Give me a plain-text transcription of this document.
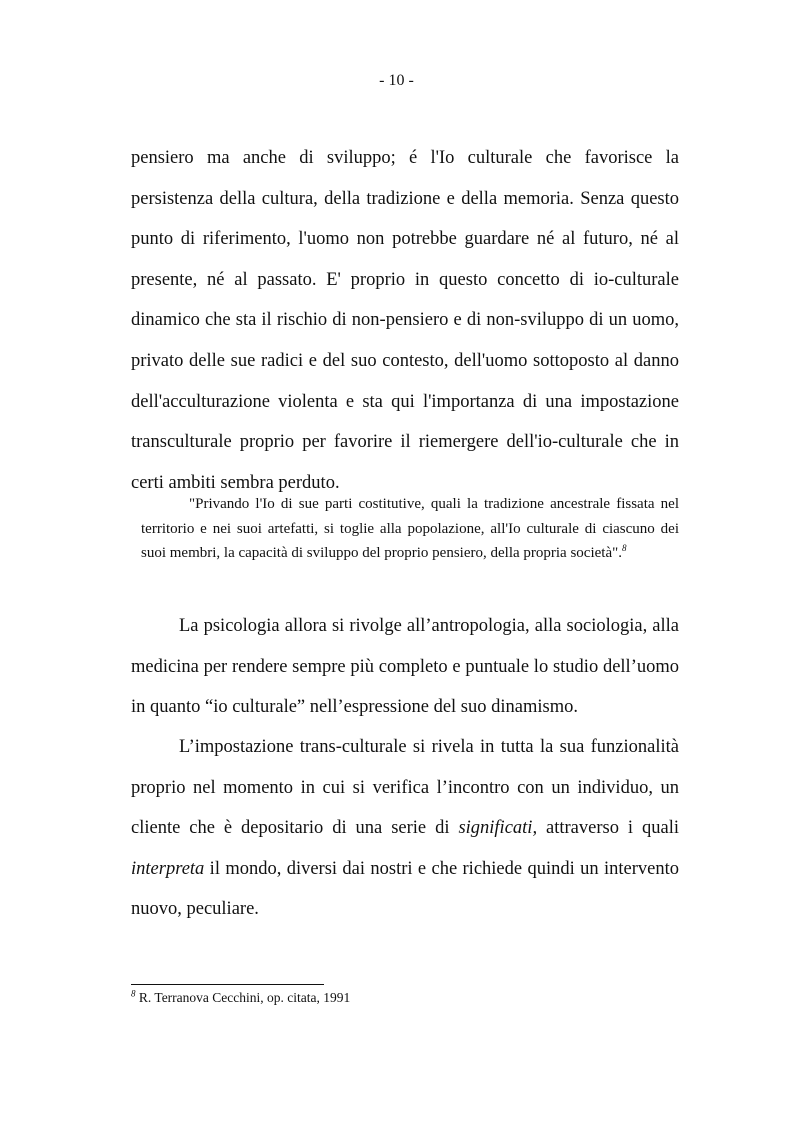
- 10 -

pensiero ma anche di sviluppo; é l'Io culturale che favorisce la persistenza della cultura, della tradizione e della memoria. Senza questo punto di riferimento, l'uomo non potrebbe guardare né al futuro, né al presente, né al passato. E' proprio in questo concetto di io-culturale dinamico che sta il rischio di non-pensiero e di non-sviluppo di un uomo, privato delle sue radici e del suo contesto, dell'uomo sottoposto al danno dell'acculturazione violenta e sta qui l'importanza di una impostazione transculturale proprio per favorire il riemergere dell'io-culturale che in certi ambiti sembra perduto.

"Privando l'Io di sue parti costitutive, quali la tradizione ancestrale fissata nel territorio e nei suoi artefatti, si toglie alla popolazione, all'Io culturale di ciascuno dei suoi membri, la capacità di sviluppo del proprio pensiero, della propria società".$^8$

La psicologia allora si rivolge all’antropologia, alla sociologia, alla medicina per rendere sempre più completo e puntuale lo studio dell’uomo in quanto “io culturale” nell’espressione del suo dinamismo.

L’impostazione trans-culturale si rivela in tutta la sua funzionalità proprio nel momento in cui si verifica l’incontro con un individuo, un cliente che è depositario di una serie di significati, attraverso i quali interpreta il mondo, diversi dai nostri e che richiede quindi un intervento nuovo, peculiare.

$^8$ R. Terranova Cecchini, op. citata, 1991
